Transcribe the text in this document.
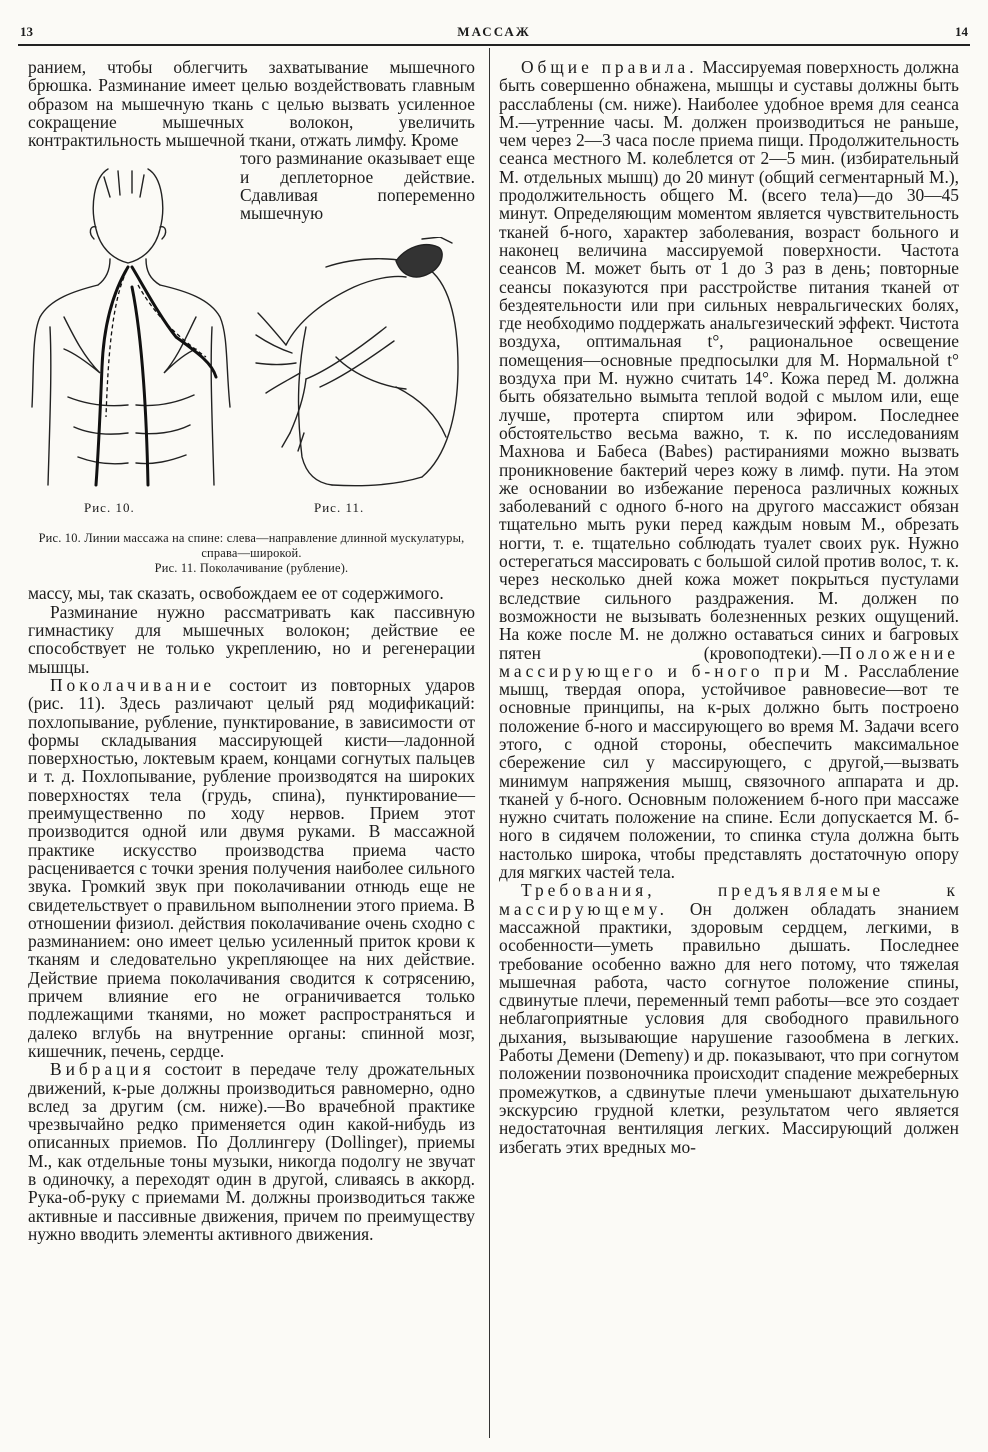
13	МАССАЖ	14

ранием, чтобы облегчить захватывание мышечного брюшка. Разминание имеет целью воздействовать главным образом на мышечную ткань с целью вызвать усиленное сокращение мышечных волокон, увеличить контрактильность мышечной ткани, отжать лимфу. Кроме

того разминание оказывает еще и деплеторное действие. Сдавливая попеременно мышечную

Рис. 10.	Рис. 11.
Рис. 10. Линии массажа на спине: слева—направление длинной мускулатуры, справа—широкой.
Рис. 11. Поколачивание (рубление).

массу, мы, так сказать, освобождаем ее от содержимого.

Разминание нужно рассматривать как пассивную гимнастику для мышечных волокон; действие ее способствует не только укреплению, но и регенерации мышцы.

Поколачивание состоит из повторных ударов (рис. 11). Здесь различают целый ряд модификаций: похлопывание, рубление, пунктирование, в зависимости от формы складывания массирующей кисти—ладонной поверхностью, локтевым краем, концами согнутых пальцев и т. д. Похлопывание, рубление производятся на широких поверхностях тела (грудь, спина), пунктирование—преимущественно по ходу нервов. Прием этот производится одной или двумя руками. В массажной практике искусство производства приема часто расценивается с точки зрения получения наиболее сильного звука. Громкий звук при поколачивании отнюдь еще не свидетельствует о правильном выполнении этого приема. В отношении физиол. действия поколачивание очень сходно с разминанием: оно имеет целью усиленный приток крови к тканям и следовательно укрепляющее на них действие. Действие приема поколачивания сводится к сотрясению, причем влияние его не ограничивается только подлежащими тканями, но может распространяться и далеко вглубь на внутренние органы: спинной мозг, кишечник, печень, сердце.

Вибрация состоит в передаче телу дрожательных движений, к-рые должны производиться равномерно, одно вслед за другим (см. ниже).—Во врачебной практике чрезвычайно редко применяется один какой-нибудь из описанных приемов. По Доллингеру (Dollinger), приемы М., как отдельные тоны музыки, никогда подолгу не звучат в одиночку, а переходят один в другой, сливаясь в аккорд. Рука-об-руку с приемами М. должны производиться также активные и пассивные движения, причем по преимуществу нужно вводить элементы активного движения.

Общие правила. Массируемая поверхность должна быть совершенно обнажена, мышцы и суставы должны быть расслаблены (см. ниже). Наиболее удобное время для сеанса М.—утренние часы. М. должен производиться не раньше, чем через 2—3 часа после приема пищи. Продолжительность сеанса местного М. колеблется от 2—5 мин. (избирательный М. отдельных мышц) до 20 минут (общий сегментарный М.), продолжительность общего М. (всего тела)—до 30—45 минут. Определяющим моментом является чувствительность тканей б-ного, характер заболевания, возраст больного и наконец величина массируемой поверхности. Частота сеансов М. может быть от 1 до 3 раз в день; повторные сеансы показуются при расстройстве питания тканей от бездеятельности или при сильных невральгических болях, где необходимо поддержать анальгезический эффект. Чистота воздуха, оптимальная t°, рациональное освещение помещения—основные предпосылки для М. Нормальной t° воздуха при М. нужно считать 14°. Кожа перед М. должна быть обязательно вымыта теплой водой с мылом или, еще лучше, протерта спиртом или эфиром. Последнее обстоятельство весьма важно, т. к. по исследованиям Махнова и Бабеса (Babes) растираниями можно вызвать проникновение бактерий через кожу в лимф. пути. На этом же основании во избежание переноса различных кожных заболеваний с одного б-ного на другого массажист обязан тщательно мыть руки перед каждым новым М., обрезать ногти, т. е. тщательно соблюдать туалет своих рук. Нужно остерегаться массировать с большой силой против волос, т. к. через несколько дней кожа может покрыться пустулами вследствие сильного раздражения. М. должен по возможности не вызывать болезненных резких ощущений. На коже после М. не должно оставаться синих и багровых пятен (кровоподтеки).—Положение массирующего и б-ного при М. Расслабление мышц, твердая опора, устойчивое равновесие—вот те основные принципы, на к-рых должно быть построено положение б-ного и массирующего во время М. Задачи всего этого, с одной стороны, обеспечить максимальное сбережение сил у массирующего, с другой,—вызвать минимум напряжения мышц, связочного аппарата и др. тканей у б-ного. Основным положением б-ного при массаже нужно считать положение на спине. Если допускается М. б-ного в сидячем положении, то спинка стула должна быть настолько широка, чтобы представлять достаточную опору для мягких частей тела.

Требования, предъявляемые к массирующему. Он должен обладать знанием массажной практики, здоровым сердцем, легкими, в особенности—уметь правильно дышать. Последнее требование особенно важно для него потому, что тяжелая мышечная работа, часто согнутое положение спины, сдвинутые плечи, переменный темп работы—все это создает неблагоприятные условия для свободного правильного дыхания, вызывающие нарушение газообмена в легких. Работы Демени (Demeny) и др. показывают, что при согнутом положении позвоночника происходит спадение межреберных промежутков, а сдвинутые плечи уменьшают дыхательную экскурсию грудной клетки, результатом чего является недостаточная вентиляция легких. Массирующий должен избегать этих вредных мо-
